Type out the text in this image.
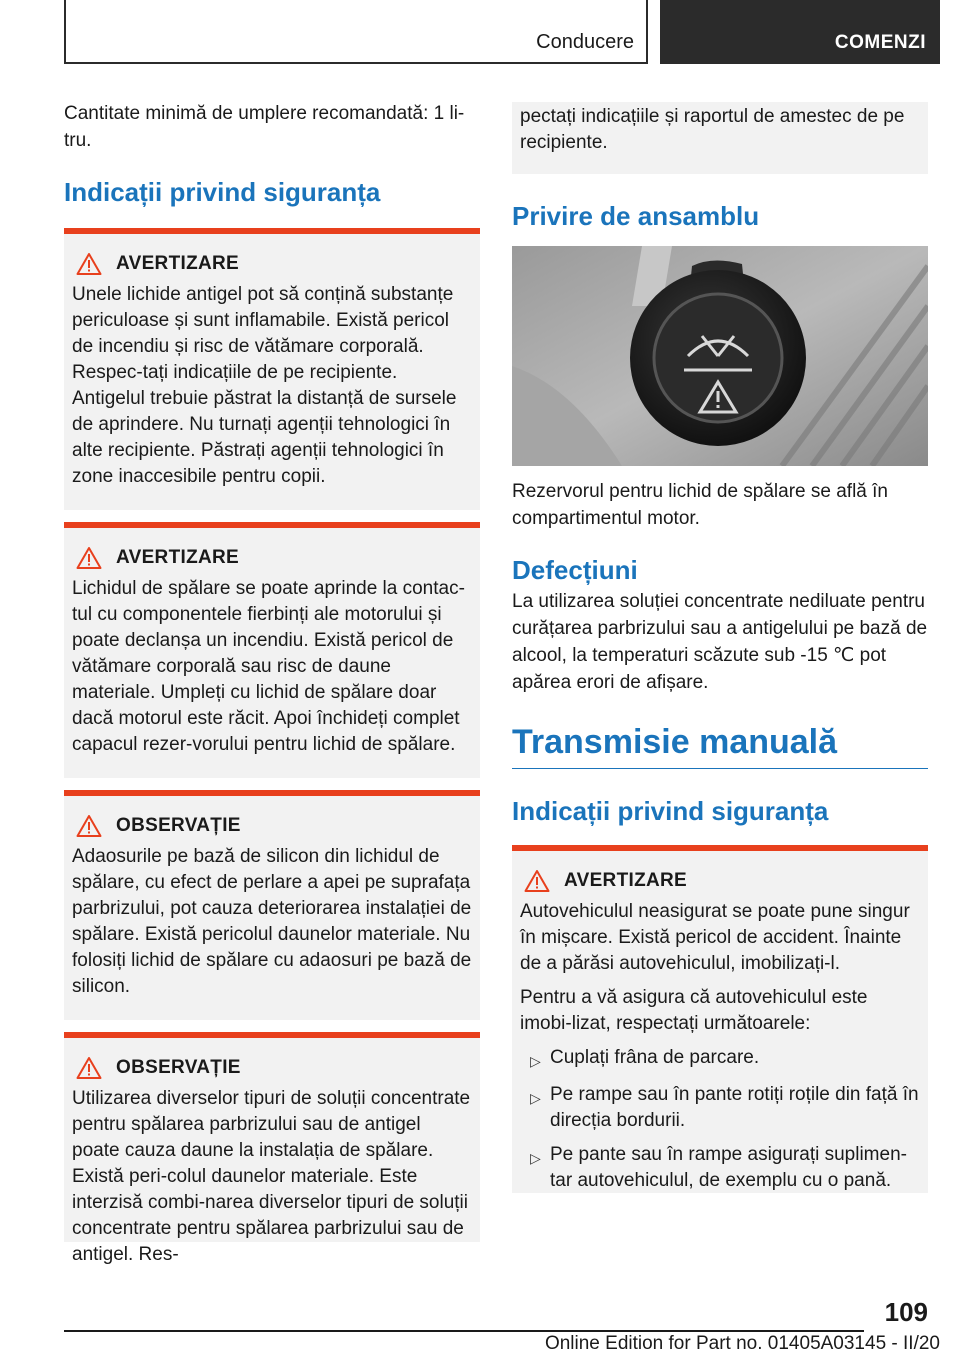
Conducere	COMENZI

Cantitate minimă de umplere recomandată: 1 li-tru.

Indicații privind siguranța
AVERTIZARE

Unele lichide antigel pot să conțină substanțe periculoase și sunt inflamabile. Există pericol de incendiu și risc de vătămare corporală. Respec-tați indicațiile de pe recipiente. Antigelul trebuie păstrat la distanță de sursele de aprindere. Nu turnați agenții tehnologici în alte recipiente. Păstrați agenții tehnologici în zone inaccesibile pentru copii.

AVERTIZARE

Lichidul de spălare se poate aprinde la contac-tul cu componentele fierbinți ale motorului și poate declanșa un incendiu. Există pericol de vătămare corporală sau risc de daune materiale. Umpleți cu lichid de spălare doar dacă motorul este răcit. Apoi închideți complet capacul rezer-vorului pentru lichid de spălare.

OBSERVAȚIE

Adaosurile pe bază de silicon din lichidul de spălare, cu efect de perlare a apei pe suprafața parbrizului, pot cauza deteriorarea instalației de spălare. Există pericolul daunelor materiale. Nu folosiți lichid de spălare cu adaosuri pe bază de silicon.

OBSERVAȚIE

Utilizarea diverselor tipuri de soluții concentrate pentru spălarea parbrizului sau de antigel poate cauza daune la instalația de spălare. Există peri-colul daunelor materiale. Este interzisă combi-narea diverselor tipuri de soluții concentrate pentru spălarea parbrizului sau de antigel. Res-

pectați indicațiile și raportul de amestec de pe recipiente.

Privire de ansamblu

Rezervorul pentru lichid de spălare se află în compartimentul motor.

Defecțiuni

La utilizarea soluției concentrate nediluate pentru curățarea parbrizului sau a antigelului pe bază de alcool, la temperaturi scăzute sub -15 ℃ pot apărea erori de afișare.

Transmisie manuală
Indicații privind siguranța
AVERTIZARE

Autovehiculul neasigurat se poate pune singur în mișcare. Există pericol de accident. Înainte de a părăsi autovehiculul, imobilizați-l.

Pentru a vă asigura că autovehiculul este imobi-lizat, respectați următoarele:

▷ Cuplați frâna de parcare.
▷ Pe rampe sau în pante rotiți roțile din față în direcția bordurii.
▷ Pe pante sau în rampe asigurați suplimen-tar autovehiculul, de exemplu cu o pană.
109
Online Edition for Part no. 01405A03145 - II/20
